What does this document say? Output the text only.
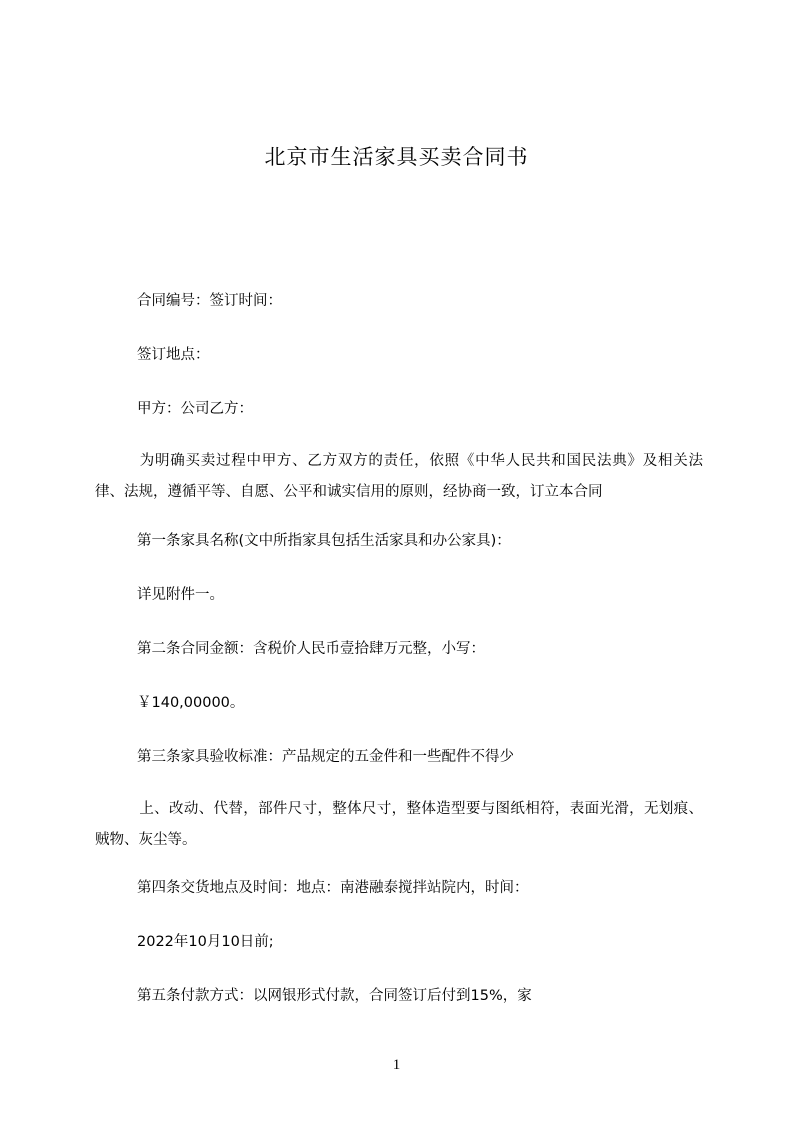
北京市生活家具买卖合同书
合同编号：签订时间：
签订地点：
甲方：公司乙方：
为明确买卖过程中甲方、乙方双方的责任，依照《中华人民共和国民法典》及相关法律、法规，遵循平等、自愿、公平和诚实信用的原则，经协商一致，订立本合同
第一条家具名称(文中所指家具包括生活家具和办公家具)：
详见附件一。
第二条合同金额：含税价人民币壹拾肆万元整，小写：
￥140,00000。
第三条家具验收标准：产品规定的五金件和一些配件不得少
上、改动、代替，部件尺寸，整体尺寸，整体造型要与图纸相符，表面光滑，无划痕、贼物、灰尘等。
第四条交货地点及时间：地点：南港融泰搅拌站院内，时间：
2022年10月10日前;
第五条付款方式：以网银形式付款，合同签订后付到15%，家
1
